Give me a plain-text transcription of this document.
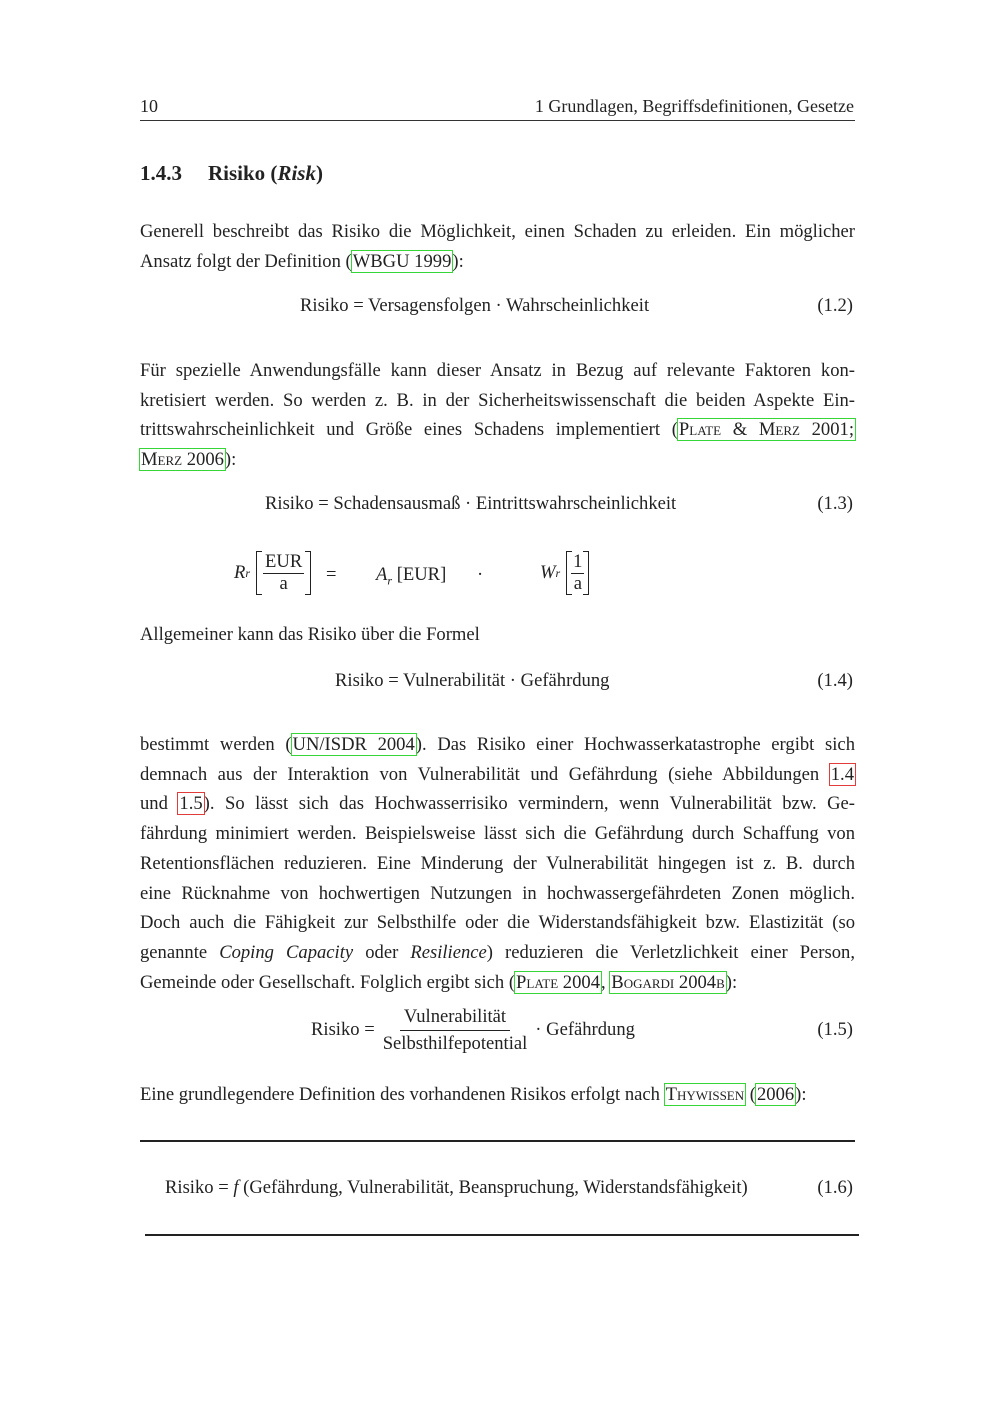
10	1 Grundlagen, Begriffsdefinitionen, Gesetze
1.4.3 Risiko (Risk)
Generell beschreibt das Risiko die Möglichkeit, einen Schaden zu erleiden. Ein möglicher
Ansatz folgt der Definition (WBGU 1999):
Risiko = Versagensfolgen · Wahrscheinlichkeit	(1.2)
Für spezielle Anwendungsfälle kann dieser Ansatz in Bezug auf relevante Faktoren kon-
kretisiert werden. So werden z. B. in der Sicherheitswissenschaft die beiden Aspekte Ein-
trittswahrscheinlichkeit und Größe eines Schadens implementiert (Plate & Merz 2001;
Merz 2006):
Risiko = Schadensausmaß · Eintrittswahrscheinlichkeit	(1.3)
R r
EUR
$a = A_r$ [EUR] ·	W r
1
a
Allgemeiner kann das Risiko über die Formel
Risiko = Vulnerabilität · Gefährdung	(1.4)
bestimmt werden (UN/ISDR 2004). Das Risiko einer Hochwasserkatastrophe ergibt sich
demnach aus der Interaktion von Vulnerabilität und Gefährdung (siehe Abbildungen 1.4
und 1.5). So lässt sich das Hochwasserrisiko vermindern, wenn Vulnerabilität bzw. Ge-
fährdung minimiert werden. Beispielsweise lässt sich die Gefährdung durch Schaffung von
Retentionsflächen reduzieren. Eine Minderung der Vulnerabilität hingegen ist z. B. durch
eine Rücknahme von hochwertigen Nutzungen in hochwassergefährdeten Zonen möglich.
Doch auch die Fähigkeit zur Selbsthilfe oder die Widerstandsfähigkeit bzw. Elastizität (so
genannte Coping Capacity oder Resilience) reduzieren die Verletzlichkeit einer Person,
Gemeinde oder Gesellschaft. Folglich ergibt sich (Plate 2004, Bogardi 2004b):
Risiko = $\frac{\text{Vulnerabilität}}{\text{Selbsthilfepotential}}$ · Gefährdung	(1.5)
Eine grundlegendere Definition des vorhandenen Risikos erfolgt nach Thywissen (2006):
Risiko = f (Gefährdung, Vulnerabilität, Beanspruchung, Widerstandsfähigkeit)	(1.6)
